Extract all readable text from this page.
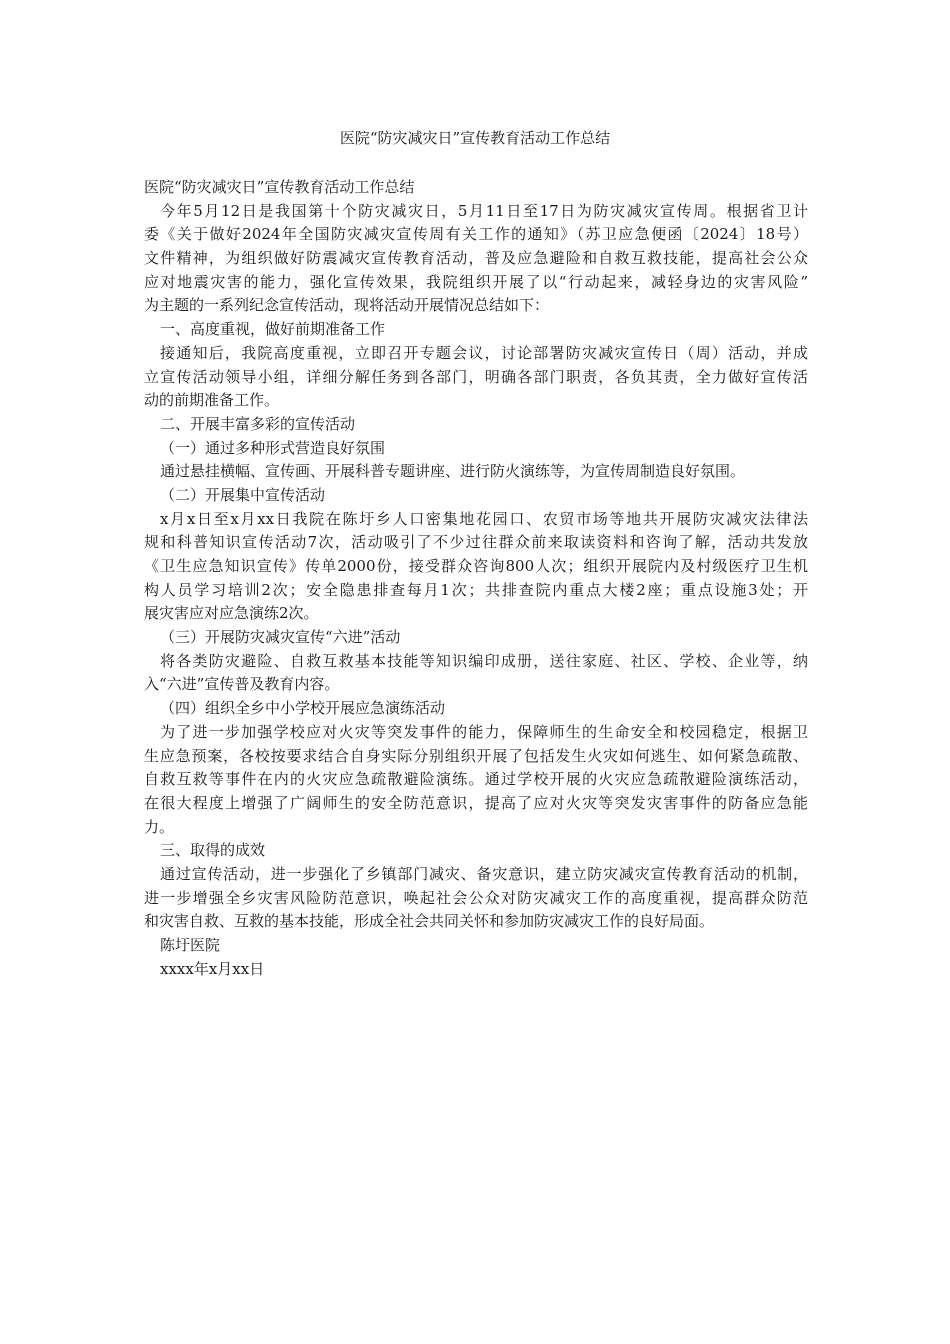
医院“防灾减灾日”宣传教育活动工作总结
医院“防灾减灾日”宣传教育活动工作总结
今年5月12日是我国第十个防灾减灾日，5月11日至17日为防灾减灾宣传周。根据省卫计
委《关于做好2024年全国防灾减灾宣传周有关工作的通知》（苏卫应急便函〔2024〕18号）
文件精神，为组织做好防震减灾宣传教育活动，普及应急避险和自救互救技能，提高社会公众
应对地震灾害的能力，强化宣传效果，我院组织开展了以“行动起来，减轻身边的灾害风险”
为主题的一系列纪念宣传活动，现将活动开展情况总结如下：
一、高度重视，做好前期准备工作
接通知后，我院高度重视，立即召开专题会议，讨论部署防灾减灾宣传日（周）活动，并成
立宣传活动领导小组，详细分解任务到各部门，明确各部门职责，各负其责，全力做好宣传活
动的前期准备工作。
二、开展丰富多彩的宣传活动
（一）通过多种形式营造良好氛围
通过悬挂横幅、宣传画、开展科普专题讲座、进行防火演练等，为宣传周制造良好氛围。
（二）开展集中宣传活动
x月x日至x月xx日我院在陈圩乡人口密集地花园口、农贸市场等地共开展防灾减灾法律法
规和科普知识宣传活动7次，活动吸引了不少过往群众前来取读资料和咨询了解，活动共发放
《卫生应急知识宣传》传单2000份，接受群众咨询800人次；组织开展院内及村级医疗卫生机
构人员学习培训2次；安全隐患排查每月1次；共排查院内重点大楼2座；重点设施3处；开
展灾害应对应急演练2次。
（三）开展防灾减灾宣传“六进”活动
将各类防灾避险、自救互救基本技能等知识编印成册，送往家庭、社区、学校、企业等，纳
入“六进”宣传普及教育内容。
（四）组织全乡中小学校开展应急演练活动
为了进一步加强学校应对火灾等突发事件的能力，保障师生的生命安全和校园稳定，根据卫
生应急预案，各校按要求结合自身实际分别组织开展了包括发生火灾如何逃生、如何紧急疏散、
自救互救等事件在内的火灾应急疏散避险演练。通过学校开展的火灾应急疏散避险演练活动，
在很大程度上增强了广阔师生的安全防范意识，提高了应对火灾等突发灾害事件的防备应急能
力。
三、取得的成效
通过宣传活动，进一步强化了乡镇部门减灾、备灾意识，建立防灾减灾宣传教育活动的机制，
进一步增强全乡灾害风险防范意识，唤起社会公众对防灾减灾工作的高度重视，提高群众防范
和灾害自救、互救的基本技能，形成全社会共同关怀和参加防灾减灾工作的良好局面。
陈圩医院
xxxx年x月xx日
